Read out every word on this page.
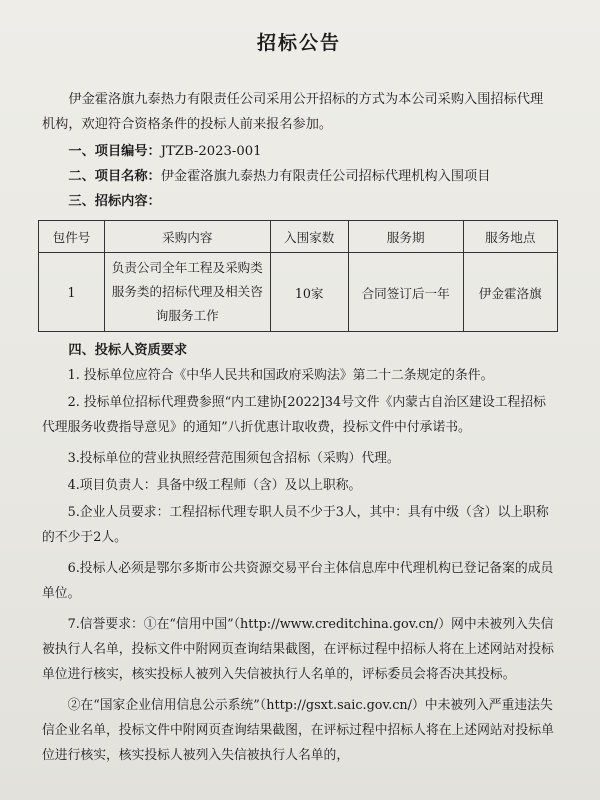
招标公告

伊金霍洛旗九泰热力有限责任公司采用公开招标的方式为本公司采购入围招标代理机构，欢迎符合资格条件的投标人前来报名参加。

一、项目编号：JTZB-2023-001

二、项目名称：伊金霍洛旗九泰热力有限责任公司招标代理机构入围项目

三、招标内容：

包件号	采购内容	入围家数	服务期	服务地点
1	负责公司全年工程及采购类服务类的招标代理及相关咨询服务工作	10家	合同签订后一年	伊金霍洛旗

四、投标人资质要求

1. 投标单位应符合《中华人民共和国政府采购法》第二十二条规定的条件。

2. 投标单位招标代理费参照“内工建协[2022]34号文件《内蒙古自治区建设工程招标代理服务收费指导意见》的通知”八折优惠计取收费，投标文件中付承诺书。

3.投标单位的营业执照经营范围须包含招标（采购）代理。

4.项目负责人：具备中级工程师（含）及以上职称。

5.企业人员要求：工程招标代理专职人员不少于3人，其中：具有中级（含）以上职称的不少于2人。

6.投标人必须是鄂尔多斯市公共资源交易平台主体信息库中代理机构已登记备案的成员单位。

7.信誉要求：①在“信用中国”（http://www.creditchina.gov.cn/）网中未被列入失信被执行人名单，投标文件中附网页查询结果截图，在评标过程中招标人将在上述网站对投标单位进行核实，核实投标人被列入失信被执行人名单的，评标委员会将否决其投标。

②在“国家企业信用信息公示系统”（http://gsxt.saic.gov.cn/）中未被列入严重违法失信企业名单，投标文件中附网页查询结果截图，在评标过程中招标人将在上述网站对投标单位进行核实，核实投标人被列入失信被执行人名单的，
